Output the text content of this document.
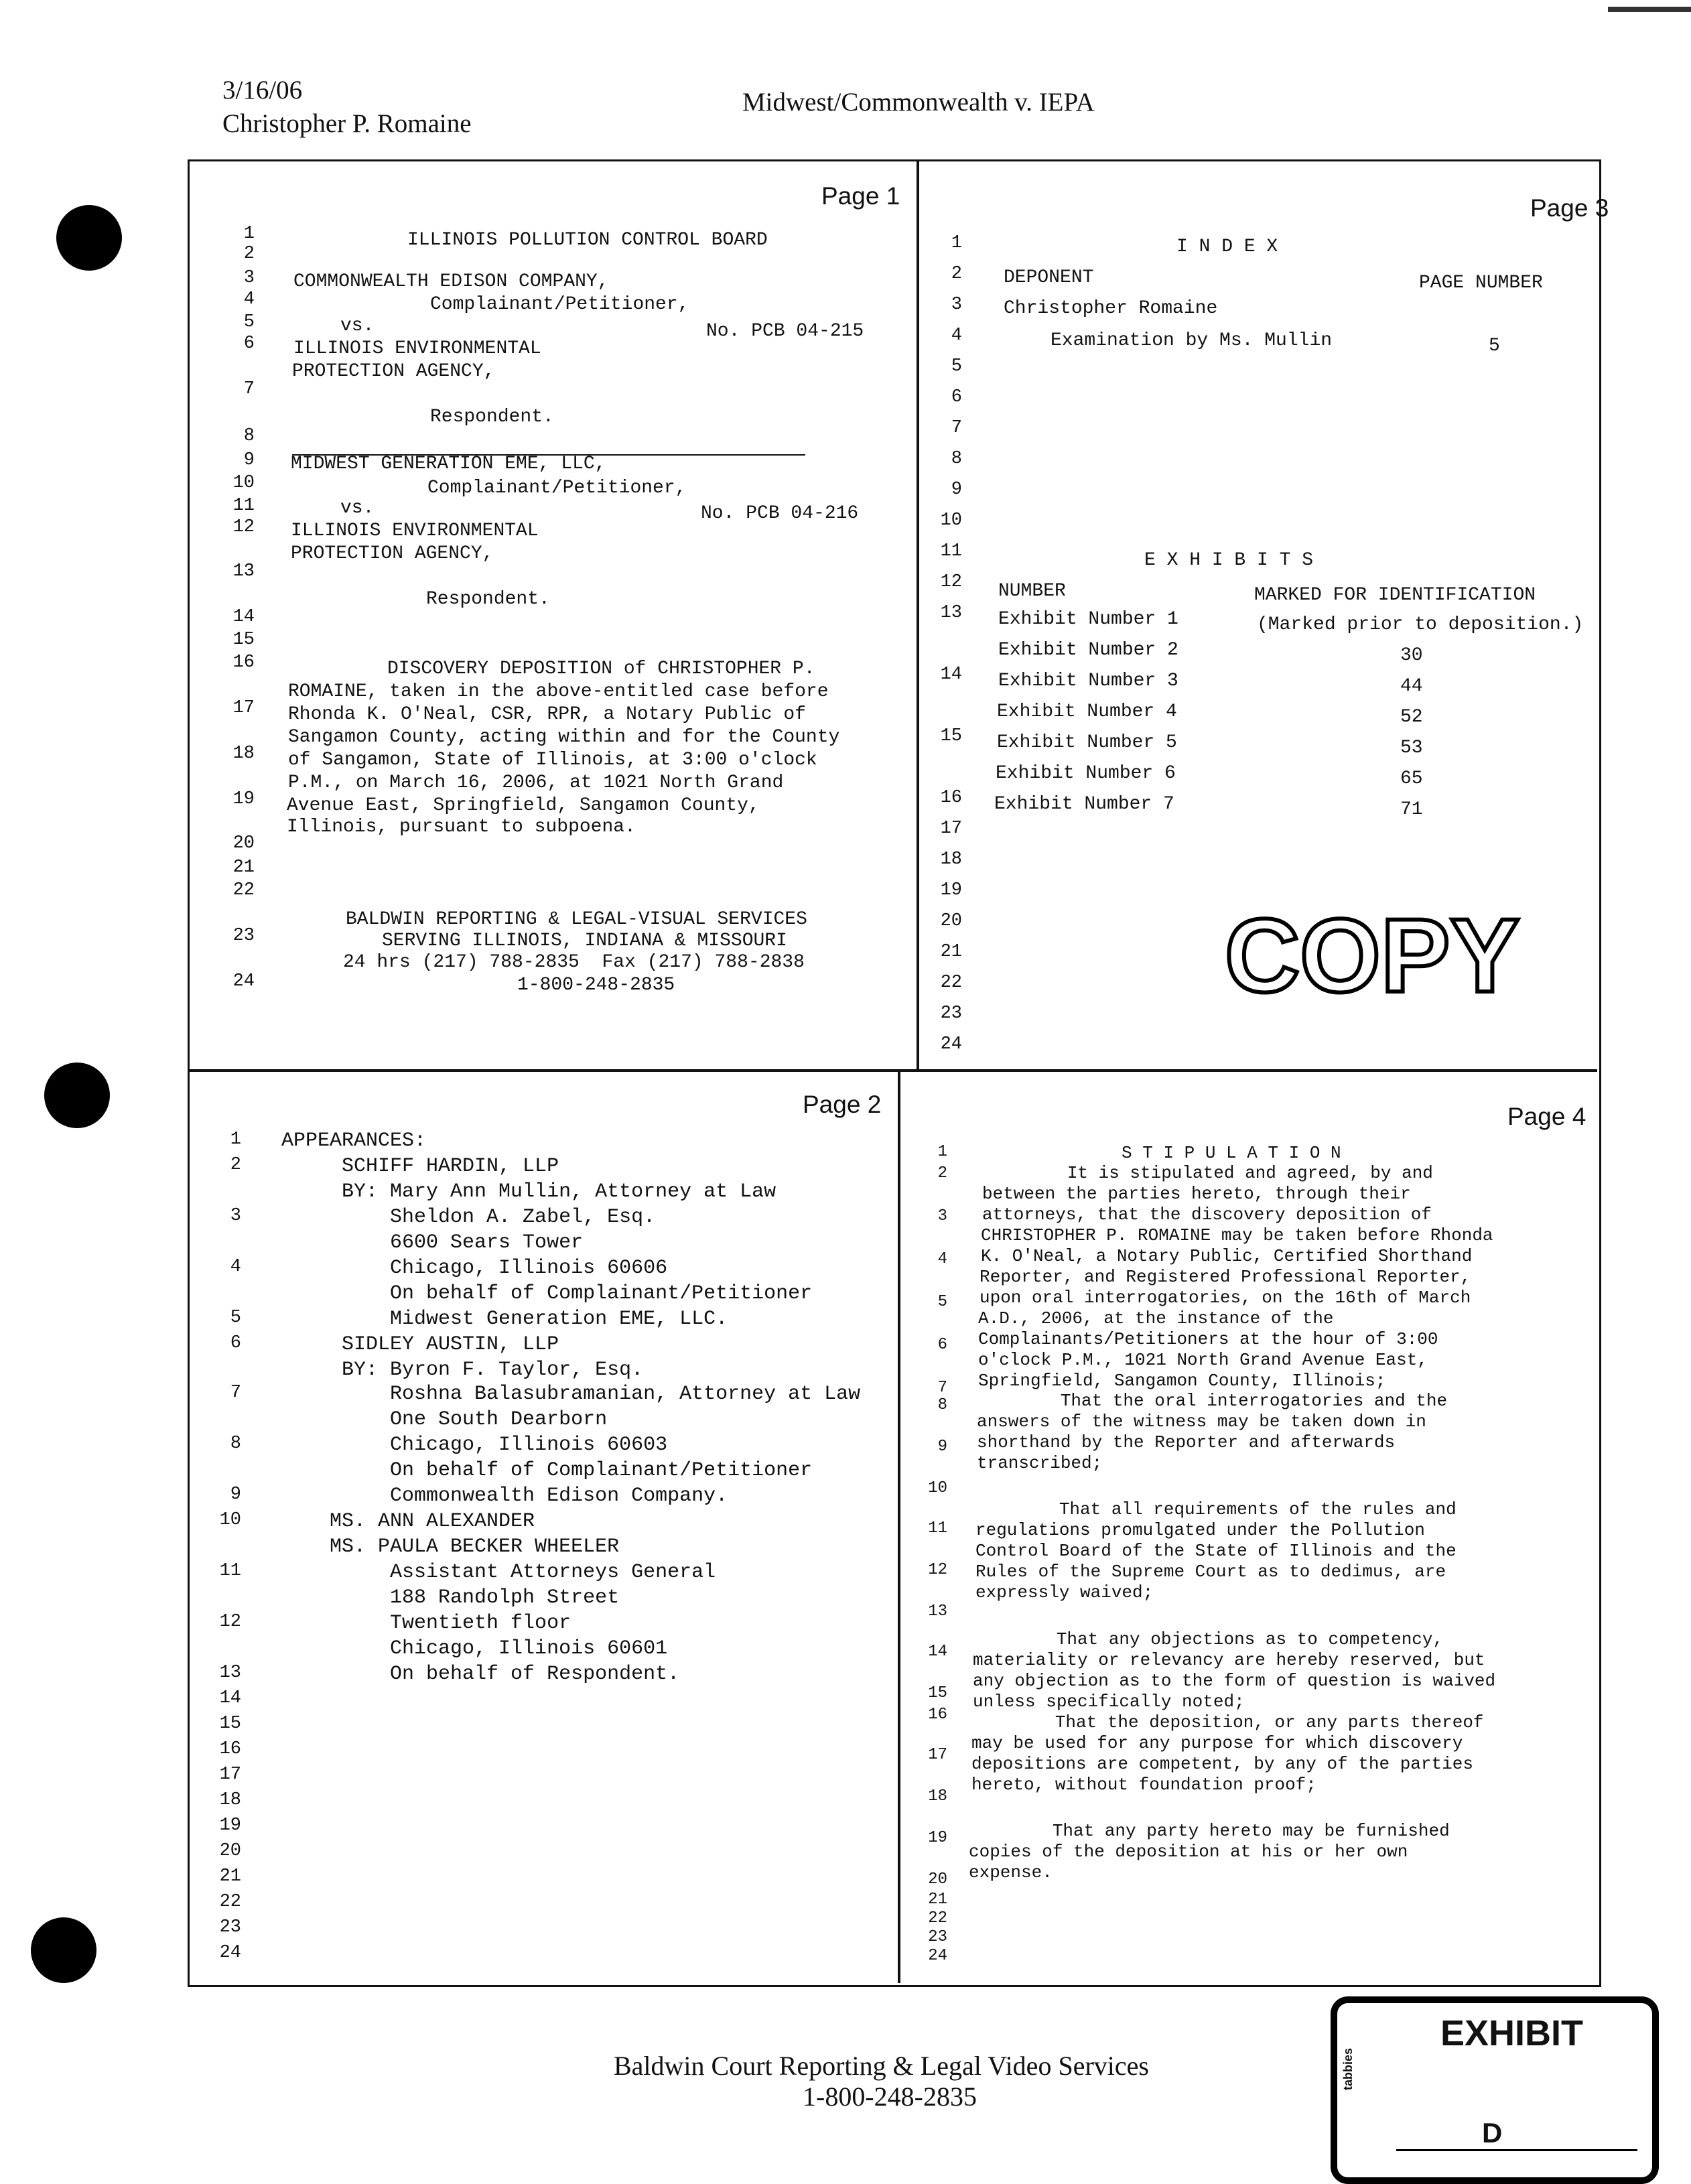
3/16/06
Christopher P. Romaine
Midwest/Commonwealth v. IEPA
Page 1
1
2
3
4
5
6
7
8
9
10
11
12
13
14
15
16
17
18
19
20
21
22
23
24
ILLINOIS POLLUTION CONTROL BOARD
COMMONWEALTH EDISON COMPANY,
Complainant/Petitioner,
vs.	No. PCB 04-215
ILLINOIS ENVIRONMENTAL
PROTECTION AGENCY,
Respondent.
MIDWEST GENERATION EME, LLC,
Complainant/Petitioner,
vs.	No. PCB 04-216
ILLINOIS ENVIRONMENTAL
PROTECTION AGENCY,
Respondent.
DISCOVERY DEPOSITION of CHRISTOPHER P.
ROMAINE, taken in the above-entitled case before
Rhonda K. O'Neal, CSR, RPR, a Notary Public of
Sangamon County, acting within and for the County
of Sangamon, State of Illinois, at 3:00 o'clock
P.M., on March 16, 2006, at 1021 North Grand
Avenue East, Springfield, Sangamon County,
Illinois, pursuant to subpoena.
BALDWIN REPORTING & LEGAL-VISUAL SERVICES
SERVING ILLINOIS, INDIANA & MISSOURI
24 hrs (217) 788-2835  Fax (217) 788-2838
1-800-248-2835
Page 3
1
2
3
4
5
6
7
8
9
10
11
12
13
14
15
16
17
18
19
20
21
22
23
24
I N D E X
DEPONENT	PAGE NUMBER
Christopher Romaine
Examination by Ms. Mullin	5
E X H I B I T S
NUMBER	MARKED FOR IDENTIFICATION
Exhibit Number 1	(Marked prior to deposition.)
Exhibit Number 2	30
Exhibit Number 3	44
Exhibit Number 4	52
Exhibit Number 5	53
Exhibit Number 6	65
Exhibit Number 7	71
COPY
Page 2
1
2
3
4
5
6
7
8
9
10
11
12
13
14
15
16
17
18
19
20
21
22
23
24
APPEARANCES:
SCHIFF HARDIN, LLP
BY: Mary Ann Mullin, Attorney at Law
Sheldon A. Zabel, Esq.
6600 Sears Tower
Chicago, Illinois 60606
On behalf of Complainant/Petitioner
Midwest Generation EME, LLC.
SIDLEY AUSTIN, LLP
BY: Byron F. Taylor, Esq.
Roshna Balasubramanian, Attorney at Law
One South Dearborn
Chicago, Illinois 60603
On behalf of Complainant/Petitioner
Commonwealth Edison Company.
MS. ANN ALEXANDER
MS. PAULA BECKER WHEELER
Assistant Attorneys General
188 Randolph Street
Twentieth floor
Chicago, Illinois 60601
On behalf of Respondent.
Page 4
1
2
3
4
5
6
7
8
9
10
11
12
13
14
15
16
17
18
19
20
21
22
23
24
S T I P U L A T I O N
It is stipulated and agreed, by and
between the parties hereto, through their
attorneys, that the discovery deposition of
CHRISTOPHER P. ROMAINE may be taken before Rhonda
K. O'Neal, a Notary Public, Certified Shorthand
Reporter, and Registered Professional Reporter,
upon oral interrogatories, on the 16th of March
A.D., 2006, at the instance of the
Complainants/Petitioners at the hour of 3:00
o'clock P.M., 1021 North Grand Avenue East,
Springfield, Sangamon County, Illinois;
That the oral interrogatories and the
answers of the witness may be taken down in
shorthand by the Reporter and afterwards
transcribed;
That all requirements of the rules and
regulations promulgated under the Pollution
Control Board of the State of Illinois and the
Rules of the Supreme Court as to dedimus, are
expressly waived;
That any objections as to competency,
materiality or relevancy are hereby reserved, but
any objection as to the form of question is waived
unless specifically noted;
That the deposition, or any parts thereof
may be used for any purpose for which discovery
depositions are competent, by any of the parties
hereto, without foundation proof;
That any party hereto may be furnished
copies of the deposition at his or her own
expense.
Baldwin Court Reporting & Legal Video Services
1-800-248-2835
EXHIBIT
tabbies
D
